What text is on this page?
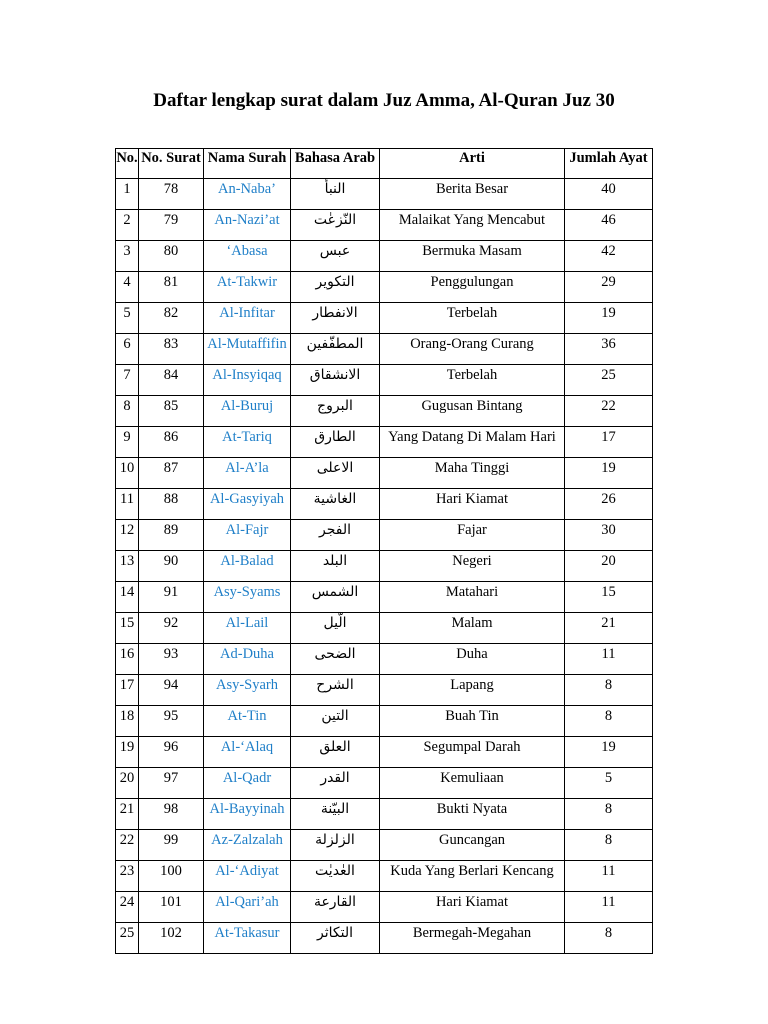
Daftar lengkap surat dalam Juz Amma, Al-Quran Juz 30
No.	No. Surat	Nama Surah	Bahasa Arab	Arti	Jumlah Ayat
1	78	An-Naba’	النبأ	Berita Besar	40
2	79	An-Nazi’at	النّزعٰت	Malaikat Yang Mencabut	46
3	80	‘Abasa	عبس	Bermuka Masam	42
4	81	At-Takwir	التكوير	Penggulungan	29
5	82	Al-Infitar	الانفطار	Terbelah	19
6	83	Al-Mutaffifin	المطفّفين	Orang-Orang Curang	36
7	84	Al-Insyiqaq	الانشقاق	Terbelah	25
8	85	Al-Buruj	البروج	Gugusan Bintang	22
9	86	At-Tariq	الطارق	Yang Datang Di Malam Hari	17
10	87	Al-A’la	الاعلى	Maha Tinggi	19
11	88	Al-Gasyiyah	الغاشية	Hari Kiamat	26
12	89	Al-Fajr	الفجر	Fajar	30
13	90	Al-Balad	البلد	Negeri	20
14	91	Asy-Syams	الشمس	Matahari	15
15	92	Al-Lail	الّيل	Malam	21
16	93	Ad-Duha	الضحى	Duha	11
17	94	Asy-Syarh	الشرح	Lapang	8
18	95	At-Tin	التين	Buah Tin	8
19	96	Al-‘Alaq	العلق	Segumpal Darah	19
20	97	Al-Qadr	القدر	Kemuliaan	5
21	98	Al-Bayyinah	البيّنة	Bukti Nyata	8
22	99	Az-Zalzalah	الزلزلة	Guncangan	8
23	100	Al-‘Adiyat	العٰديٰت	Kuda Yang Berlari Kencang	11
24	101	Al-Qari’ah	القارعة	Hari Kiamat	11
25	102	At-Takasur	التكاثر	Bermegah-Megahan	8
